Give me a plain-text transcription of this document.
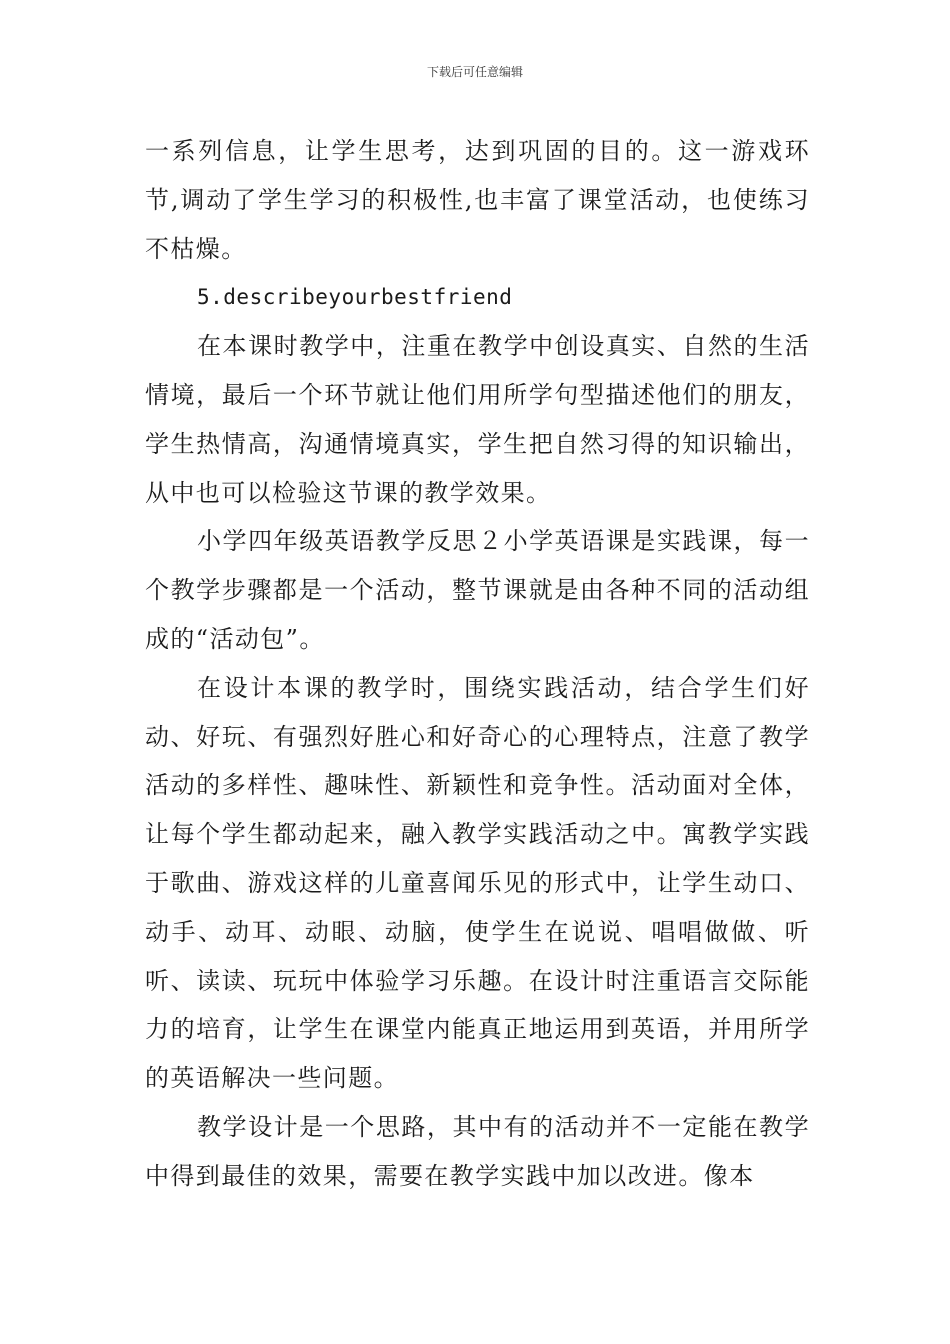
下载后可任意编辑

一系列信息，让学生思考，达到巩固的目的。这一游戏环节,调动了学生学习的积极性,也丰富了课堂活动，也使练习不枯燥。

5.describeyourbestfriend

在本课时教学中，注重在教学中创设真实、自然的生活情境，最后一个环节就让他们用所学句型描述他们的朋友，学生热情高，沟通情境真实，学生把自然习得的知识输出，从中也可以检验这节课的教学效果。

小学四年级英语教学反思２小学英语课是实践课，每一个教学步骤都是一个活动，整节课就是由各种不同的活动组成的“活动包”。

在设计本课的教学时，围绕实践活动，结合学生们好动、好玩、有强烈好胜心和好奇心的心理特点，注意了教学活动的多样性、趣味性、新颖性和竞争性。活动面对全体，让每个学生都动起来，融入教学实践活动之中。寓教学实践于歌曲、游戏这样的儿童喜闻乐见的形式中，让学生动口、动手、动耳、动眼、动脑，使学生在说说、唱唱做做、听听、读读、玩玩中体验学习乐趣。在设计时注重语言交际能力的培育，让学生在课堂内能真正地运用到英语，并用所学的英语解决一些问题。

教学设计是一个思路，其中有的活动并不一定能在教学中得到最佳的效果，需要在教学实践中加以改进。像本
